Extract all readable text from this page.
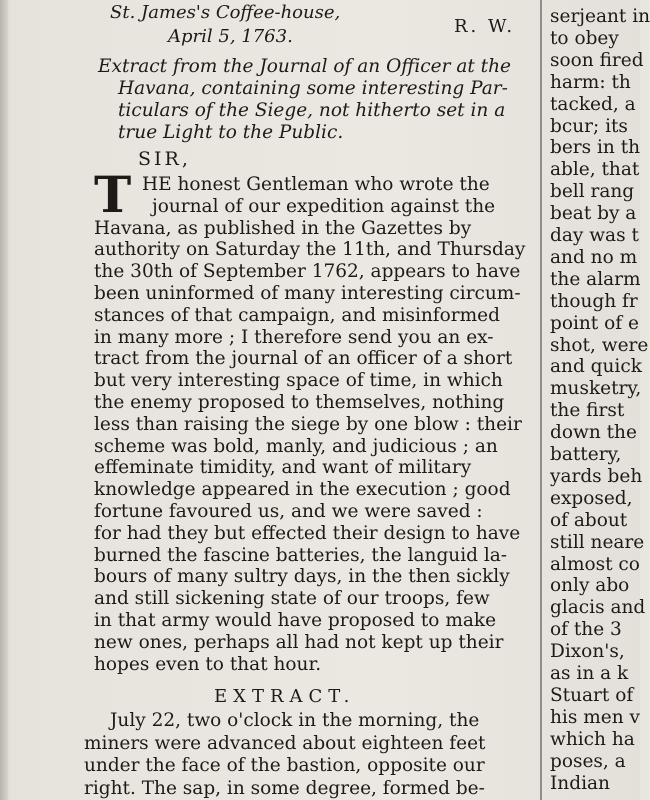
St. James's Coffee-house,
April 5, 1763.	R. W.
Extract from the Journal of an Officer at the
Havana, containing some interesting Par-
ticulars of the Siege, not hitherto set in a
true Light to the Public.
SIR,
T HE honest Gentleman who wrote the
journal of our expedition against the
Havana, as published in the Gazettes by
authority on Saturday the 11th, and Thursday
the 30th of September 1762, appears to have
been uninformed of many interesting circum-
stances of that campaign, and misinformed
in many more ; I therefore send you an ex-
tract from the journal of an officer of a short
but very interesting space of time, in which
the enemy proposed to themselves, nothing
less than raising the siege by one blow : their
scheme was bold, manly, and judicious ; an
effeminate timidity, and want of military
knowledge appeared in the execution ; good
fortune favoured us, and we were saved :
for had they but effected their design to have
burned the fascine batteries, the languid la-
bours of many sultry days, in the then sickly
and still sickening state of our troops, few
in that army would have proposed to make
new ones, perhaps all had not kept up their
hopes even to that hour.
EXTRACT.
July 22, two o'clock in the morning, the
miners were advanced about eighteen feet
under the face of the bastion, opposite our
right. The sap, in some degree, formed be-
serjeant in
to obey
soon fired
harm: th
tacked, a
bcur; its
bers in th
able, that
bell rang
beat by a
day was t
and no m
the alarm
though fr
point of e
shot, were
and quick
musketry,
the first
down the
battery,
yards beh
exposed,
of about
still neare
almost co
only abo
glacis and
of the 3
Dixon's,
as in a k
Stuart of
his men v
which ha
poses, a
Indian
